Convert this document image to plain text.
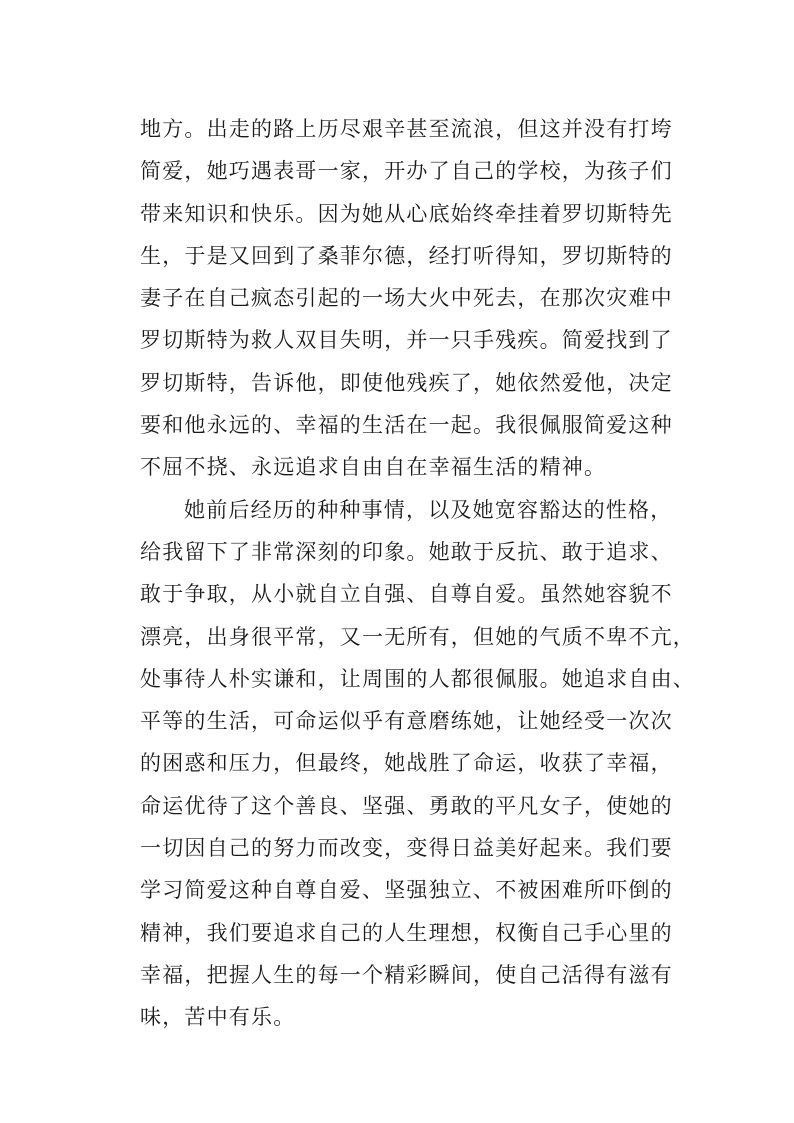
地方。出走的路上历尽艰辛甚至流浪，但这并没有打垮
简爱，她巧遇表哥一家，开办了自己的学校，为孩子们
带来知识和快乐。因为她从心底始终牵挂着罗切斯特先
生，于是又回到了桑菲尔德，经打听得知，罗切斯特的
妻子在自己疯态引起的一场大火中死去，在那次灾难中
罗切斯特为救人双目失明，并一只手残疾。简爱找到了
罗切斯特，告诉他，即使他残疾了，她依然爱他，决定
要和他永远的、幸福的生活在一起。我很佩服简爱这种
不屈不挠、永远追求自由自在幸福生活的精神。
她前后经历的种种事情，以及她宽容豁达的性格，
给我留下了非常深刻的印象。她敢于反抗、敢于追求、
敢于争取，从小就自立自强、自尊自爱。虽然她容貌不
漂亮，出身很平常，又一无所有，但她的气质不卑不亢，
处事待人朴实谦和，让周围的人都很佩服。她追求自由、
平等的生活，可命运似乎有意磨练她，让她经受一次次
的困惑和压力，但最终，她战胜了命运，收获了幸福，
命运优待了这个善良、坚强、勇敢的平凡女子，使她的
一切因自己的努力而改变，变得日益美好起来。我们要
学习简爱这种自尊自爱、坚强独立、不被困难所吓倒的
精神，我们要追求自己的人生理想，权衡自己手心里的
幸福，把握人生的每一个精彩瞬间，使自己活得有滋有
味，苦中有乐。
